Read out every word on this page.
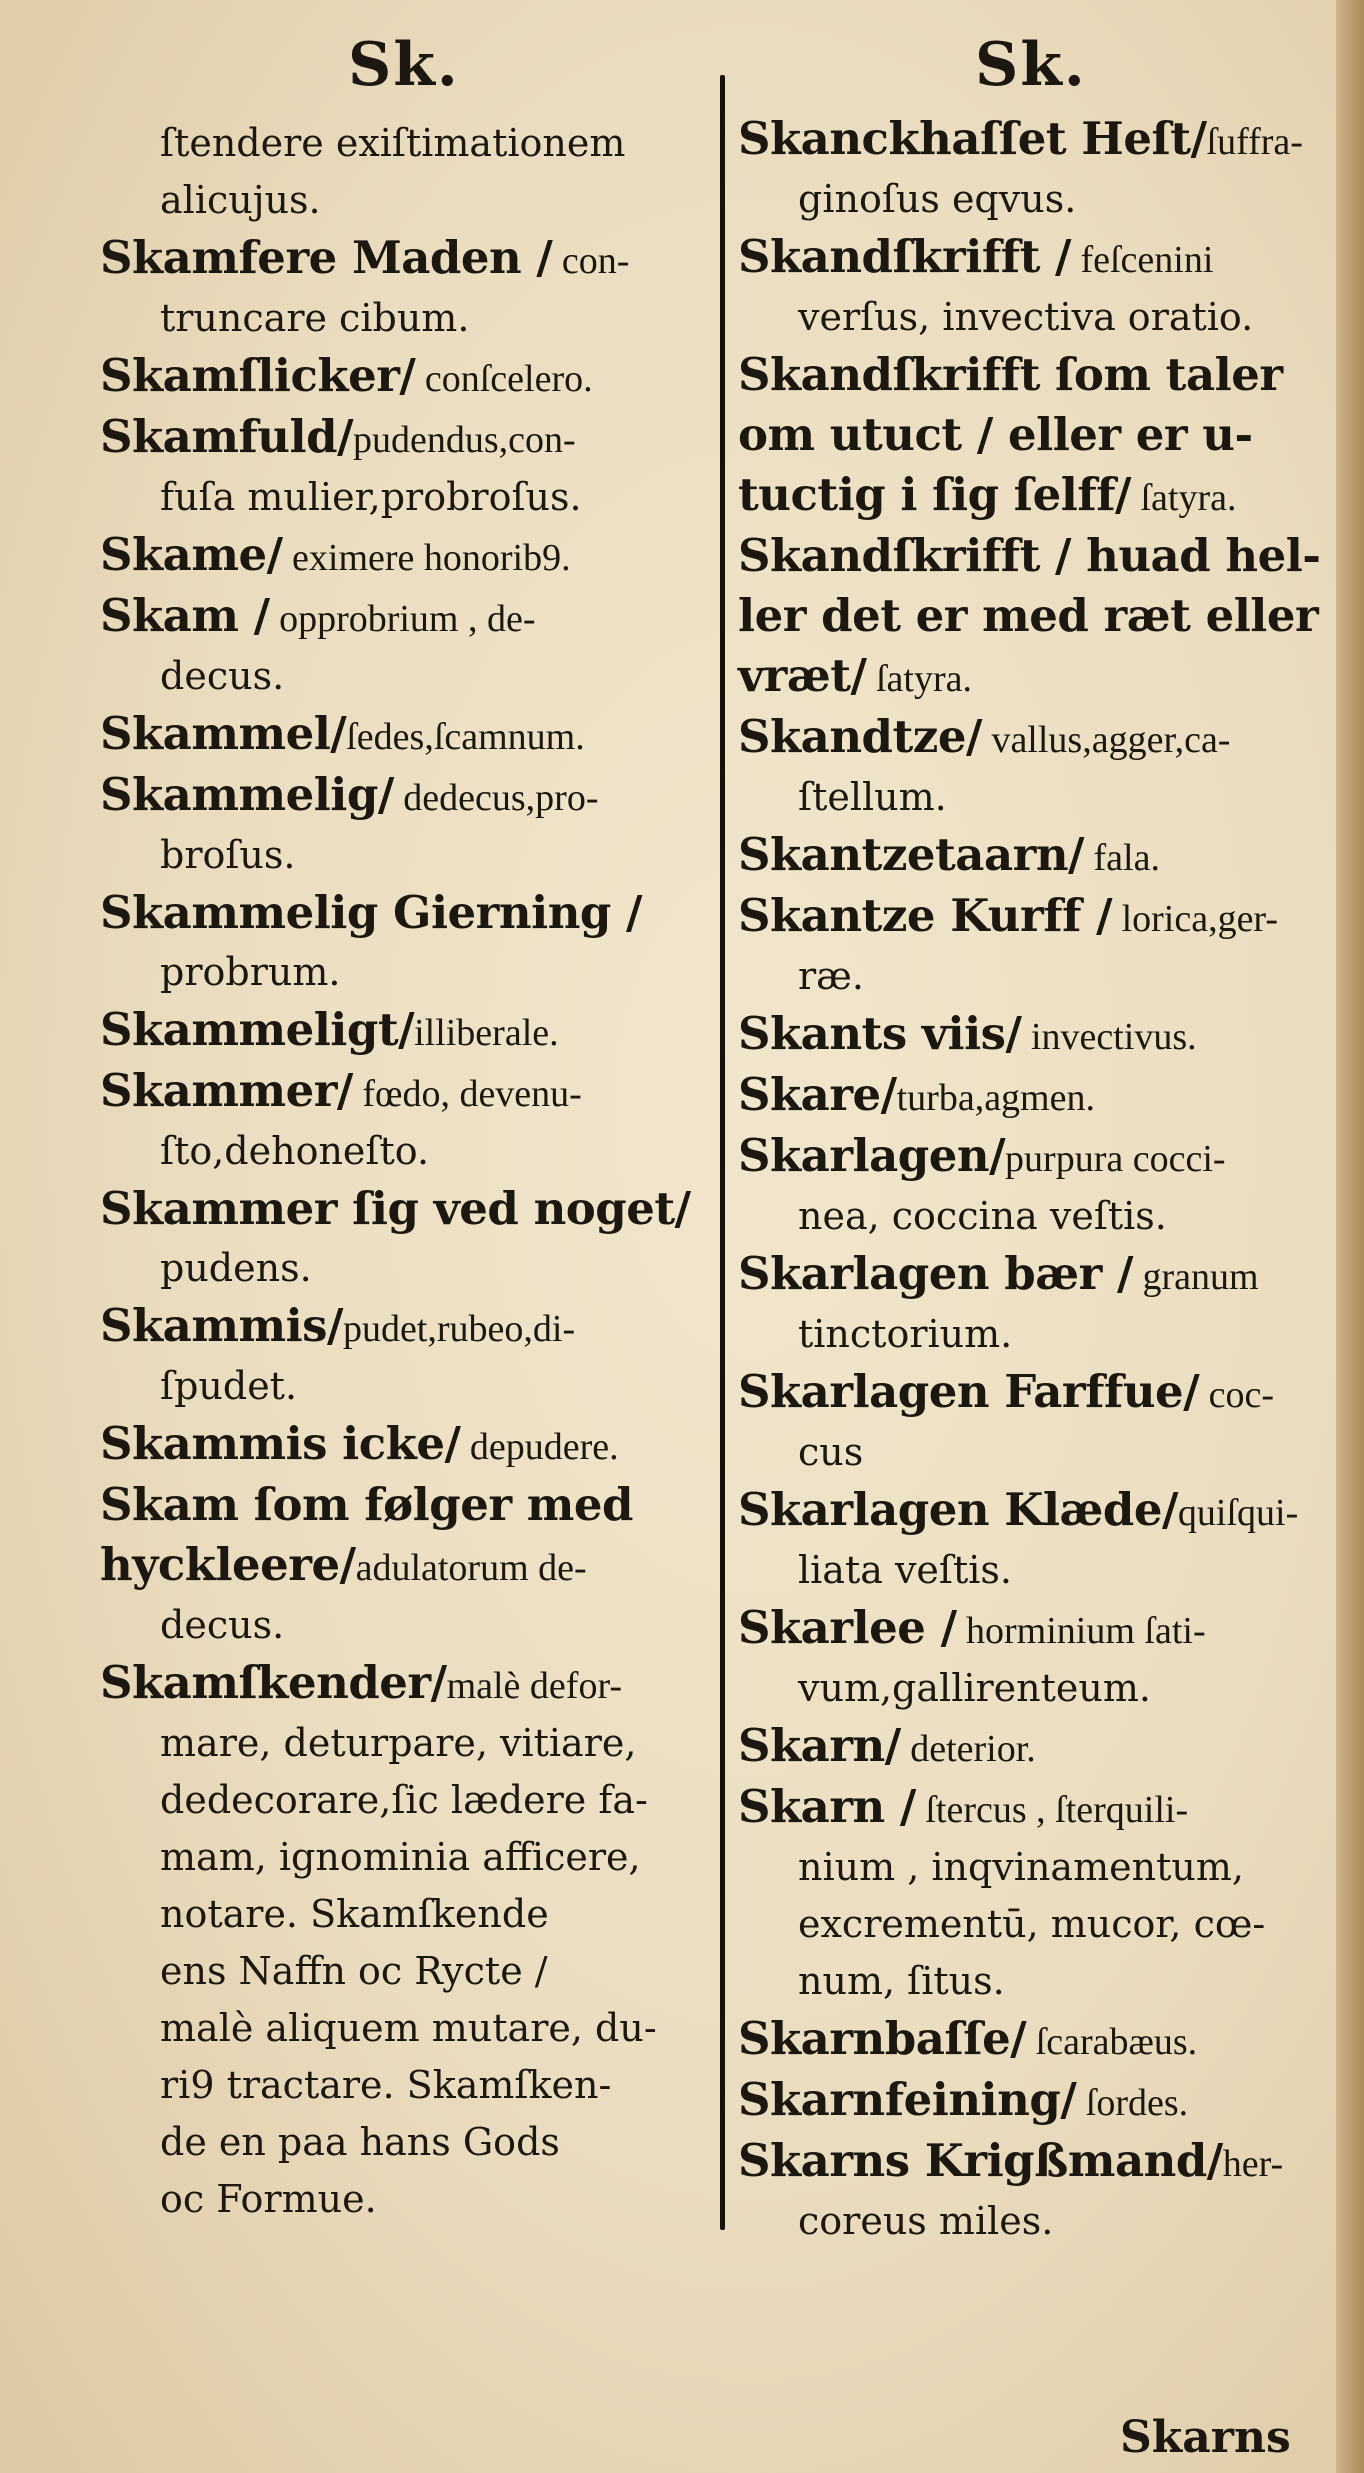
Sk.	Sk.

ſtendere exiſtimationem

alicujus.

Skamfere Maden / con-

truncare cibum.

Skamſlicker/ conſcelero.

Skamfuld/pudendus,con-

fuſa mulier,probroſus.

Skame/ eximere honorib9.

Skam / opprobrium , de-

decus.

Skammel/ſedes,ſcamnum.

Skammelig/ dedecus,pro-

broſus.

Skammelig Gierning /

probrum.

Skammeligt/illiberale.

Skammer/ fœdo, devenu-

ſto,dehoneſto.

Skammer ſig ved noget/

pudens.

Skammis/pudet,rubeo,di-

ſpudet.

Skammis icke/ depudere.

Skam ſom følger med

hyckleere/adulatorum de-

decus.

Skamſkender/malè defor-

mare, deturpare, vitiare,

dedecorare,ſic lædere fa-

mam, ignominia afficere,

notare. Skamſkende

ens Naffn oc Rycte /

malè aliquem mutare, du-

ri9 tractare. Skamſken-

de en paa hans Gods

oc Formue.

Skanckhaſſet Heſt/ſuffra-

ginoſus eqvus.

Skandſkrifft / feſcenini

verſus, invectiva oratio.

Skandſkrifft ſom taler

om utuct / eller er u-

tuctig i ſig ſelff/ ſatyra.

Skandſkrifft / huad hel-

ler det er med ræt eller

vræt/ ſatyra.

Skandtze/ vallus,agger,ca-

ſtellum.

Skantzetaarn/ fala.

Skantze Kurff / lorica,ger-

ræ.

Skants viis/ invectivus.

Skare/turba,agmen.

Skarlagen/purpura cocci-

nea, coccina veſtis.

Skarlagen bær / granum

tinctorium.

Skarlagen Farffue/ coc-

cus

Skarlagen Klæde/quiſqui-

liata veſtis.

Skarlee / horminium ſati-

vum,gallirenteum.

Skarn/ deterior.

Skarn / ſtercus , ſterquili-

nium , inqvinamentum,

excrementū, mucor, cœ-

num, ſitus.

Skarnbaſſe/ ſcarabæus.

Skarnfeining/ ſordes.

Skarns Krigßmand/her-

coreus miles.

Skarns
